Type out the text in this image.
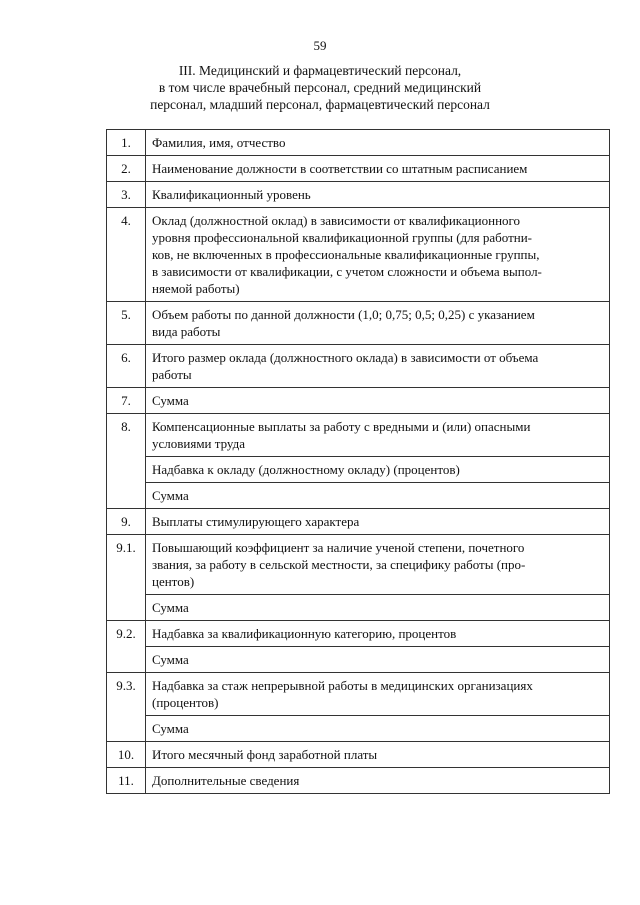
59
III. Медицинский и фармацевтический персонал,
в том числе врачебный персонал, средний медицинский
персонал, младший персонал, фармацевтический персонал
1.	Фамилия, имя, отчество

2.	Наименование должности в соответствии со штатным расписанием

3.	Квалификационный уровень

4.	Оклад (должностной оклад) в зависимости от квалификационного
уровня профессиональной квалификационной группы (для работни-
ков, не включенных в профессиональные квалификационные группы,
в зависимости от квалификации, с учетом сложности и объема выпол-
няемой работы)

5.	Объем работы по данной должности (1,0; 0,75; 0,5; 0,25) с указанием
вида работы

6.	Итого размер оклада (должностного оклада) в зависимости от объема
работы

7.	Сумма

8.	Компенсационные выплаты за работу с вредными и (или) опасными
условиями труда

	Надбавка к окладу (должностному окладу) (процентов)

	Сумма

9.	Выплаты стимулирующего характера

9.1.	Повышающий коэффициент за наличие ученой степени, почетного
звания, за работу в сельской местности, за специфику работы (про-
центов)

	Сумма

9.2.	Надбавка за квалификационную категорию, процентов

	Сумма

9.3.	Надбавка за стаж непрерывной работы в медицинских организациях
(процентов)

	Сумма

10.	Итого месячный фонд заработной платы

11.	Дополнительные сведения
